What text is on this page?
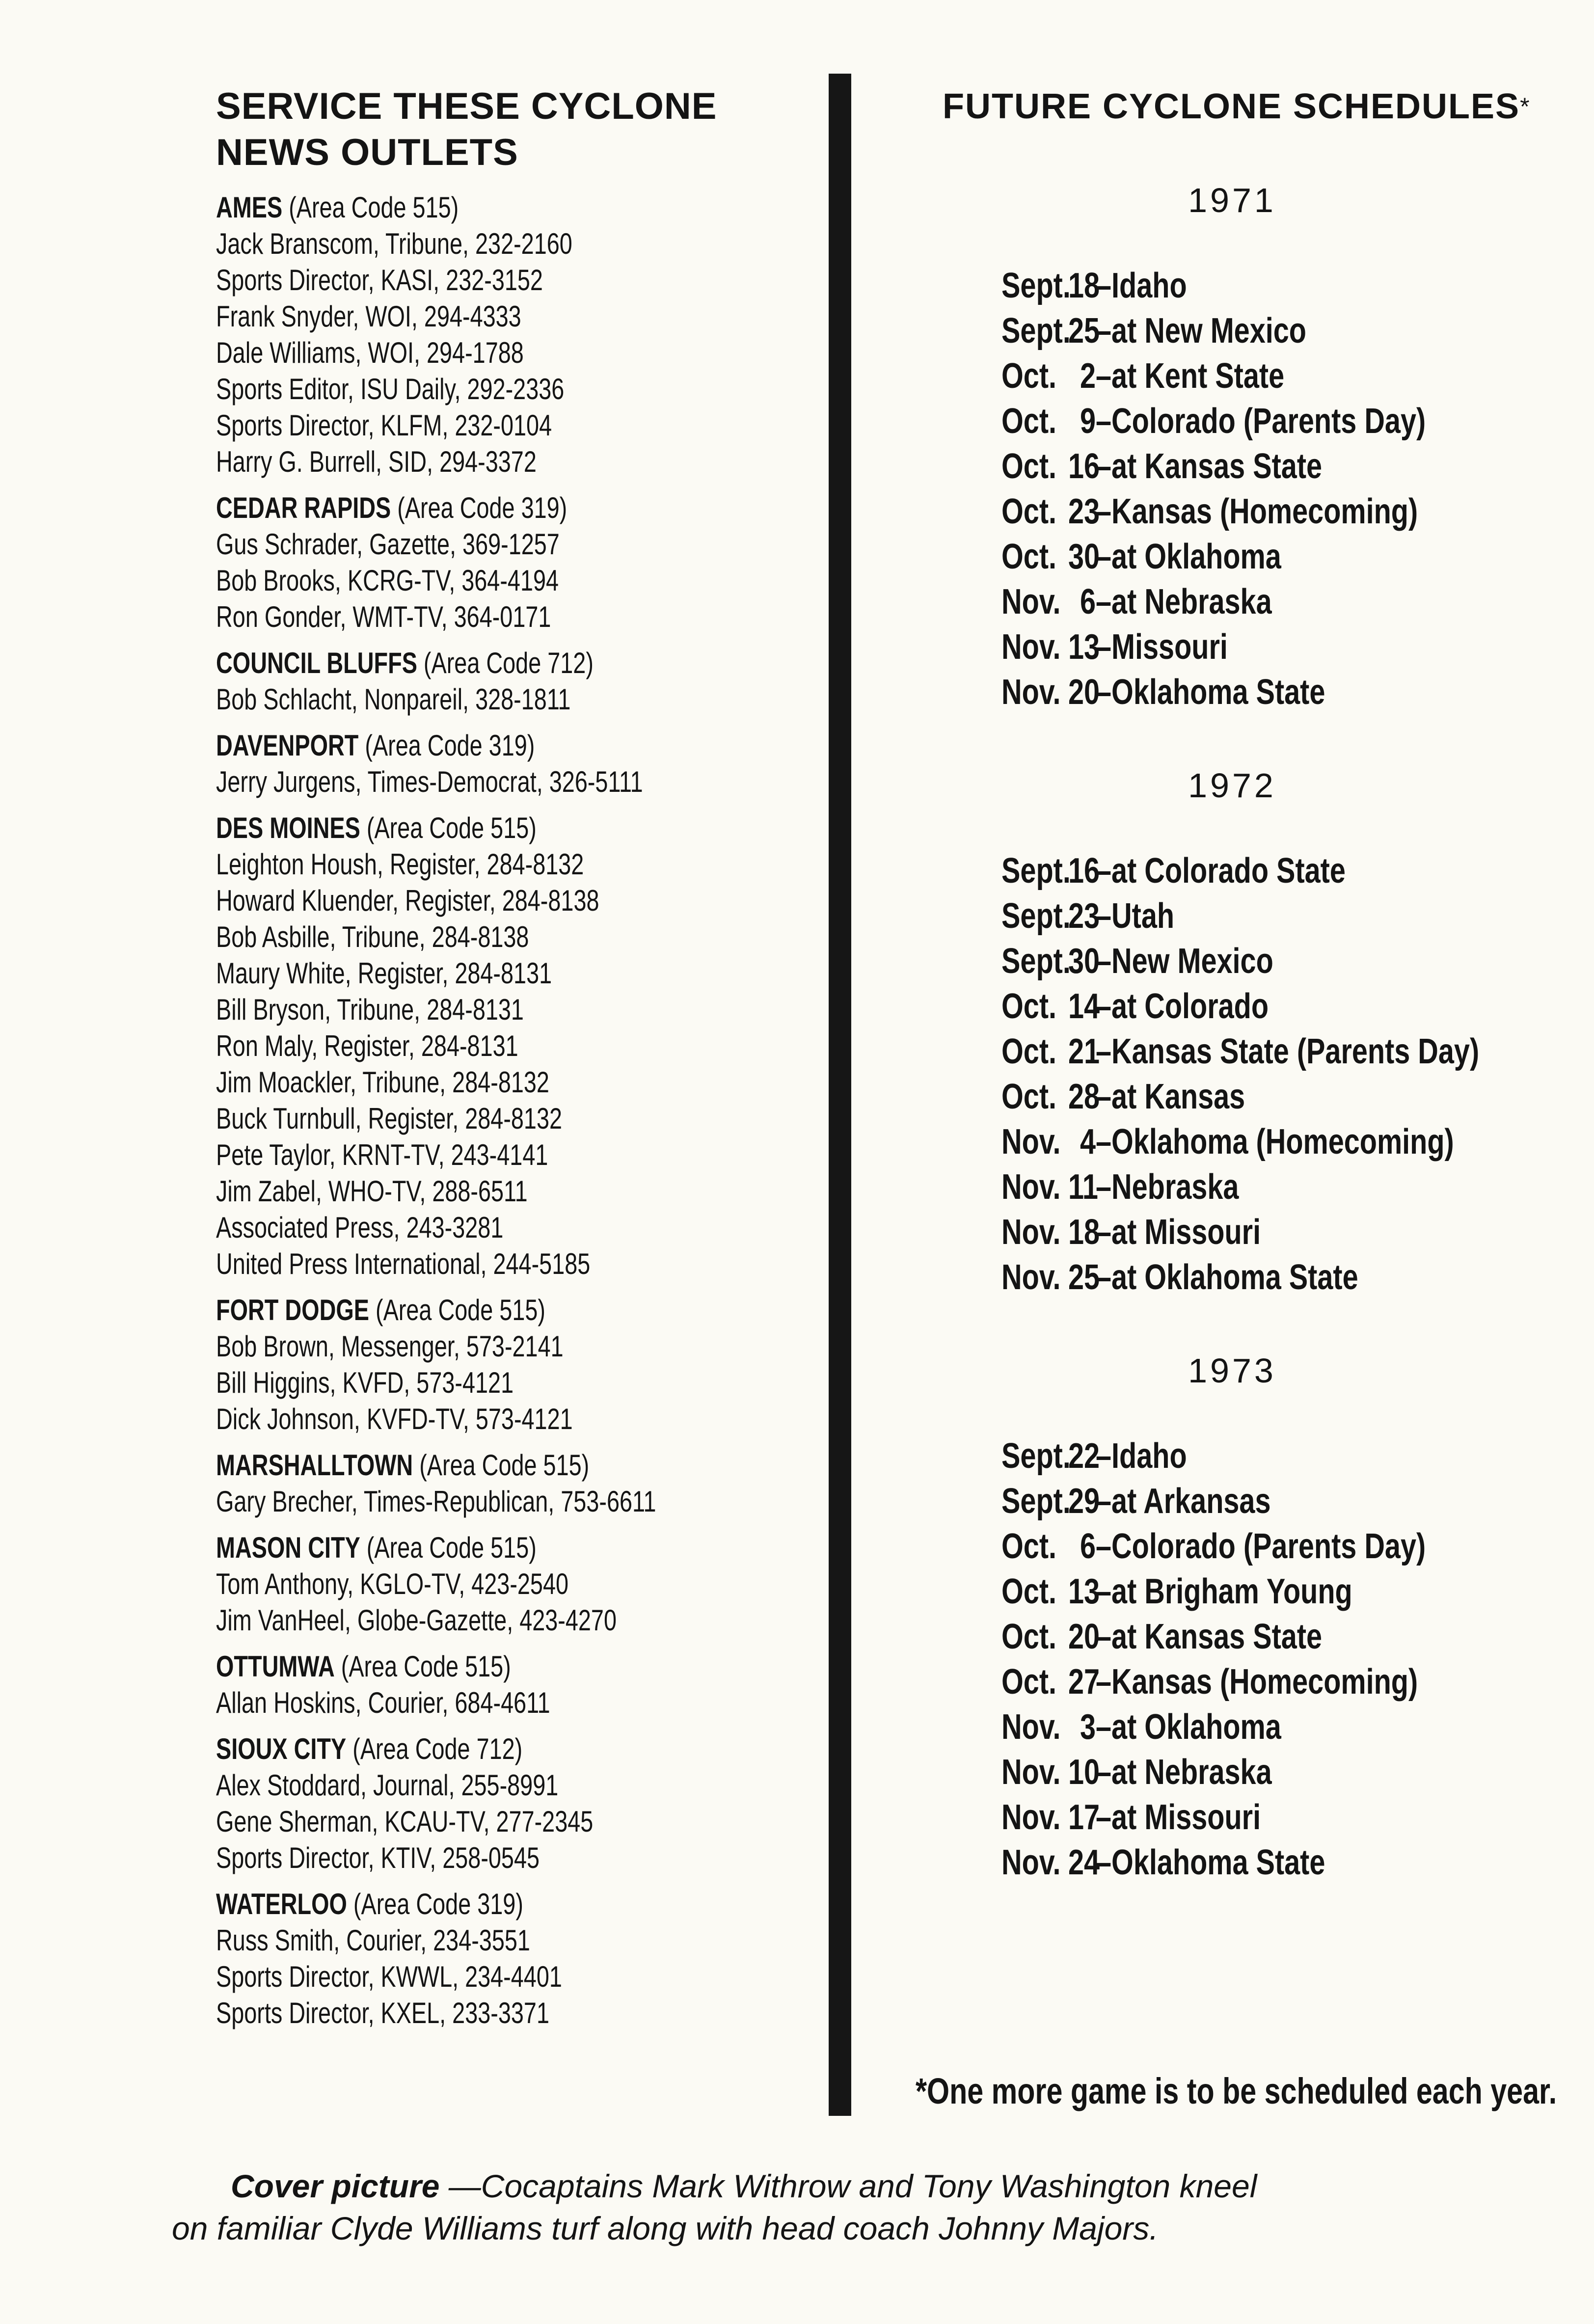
SERVICE THESE CYCLONE
NEWS OUTLETS
AMES (Area Code 515)
Jack Branscom, Tribune, 232-2160
Sports Director, KASI, 232-3152
Frank Snyder, WOI, 294-4333
Dale Williams, WOI, 294-1788
Sports Editor, ISU Daily, 292-2336
Sports Director, KLFM, 232-0104
Harry G. Burrell, SID, 294-3372
CEDAR RAPIDS (Area Code 319)
Gus Schrader, Gazette, 369-1257
Bob Brooks, KCRG-TV, 364-4194
Ron Gonder, WMT-TV, 364-0171
COUNCIL BLUFFS (Area Code 712)
Bob Schlacht, Nonpareil, 328-1811
DAVENPORT (Area Code 319)
Jerry Jurgens, Times-Democrat, 326-5111
DES MOINES (Area Code 515)
Leighton Housh, Register, 284-8132
Howard Kluender, Register, 284-8138
Bob Asbille, Tribune, 284-8138
Maury White, Register, 284-8131
Bill Bryson, Tribune, 284-8131
Ron Maly, Register, 284-8131
Jim Moackler, Tribune, 284-8132
Buck Turnbull, Register, 284-8132
Pete Taylor, KRNT-TV, 243-4141
Jim Zabel, WHO-TV, 288-6511
Associated Press, 243-3281
United Press International, 244-5185
FORT DODGE (Area Code 515)
Bob Brown, Messenger, 573-2141
Bill Higgins, KVFD, 573-4121
Dick Johnson, KVFD-TV, 573-4121
MARSHALLTOWN (Area Code 515)
Gary Brecher, Times-Republican, 753-6611
MASON CITY (Area Code 515)
Tom Anthony, KGLO-TV, 423-2540
Jim VanHeel, Globe-Gazette, 423-4270
OTTUMWA (Area Code 515)
Allan Hoskins, Courier, 684-4611
SIOUX CITY (Area Code 712)
Alex Stoddard, Journal, 255-8991
Gene Sherman, KCAU-TV, 277-2345
Sports Director, KTIV, 258-0545
WATERLOO (Area Code 319)
Russ Smith, Courier, 234-3551
Sports Director, KWWL, 234-4401
Sports Director, KXEL, 233-3371
FUTURE CYCLONE SCHEDULES*
1971
Sept.18–Idaho
Sept.25–at New Mexico
Oct. 2–at Kent State
Oct. 9–Colorado (Parents Day)
Oct. 16–at Kansas State
Oct. 23–Kansas (Homecoming)
Oct. 30–at Oklahoma
Nov. 6–at Nebraska
Nov. 13–Missouri
Nov. 20–Oklahoma State
1972
Sept.16–at Colorado State
Sept.23–Utah
Sept.30–New Mexico
Oct. 14–at Colorado
Oct. 21–Kansas State (Parents Day)
Oct. 28–at Kansas
Nov. 4–Oklahoma (Homecoming)
Nov. 11–Nebraska
Nov. 18–at Missouri
Nov. 25–at Oklahoma State
1973
Sept.22–Idaho
Sept.29–at Arkansas
Oct. 6–Colorado (Parents Day)
Oct. 13–at Brigham Young
Oct. 20–at Kansas State
Oct. 27–Kansas (Homecoming)
Nov. 3–at Oklahoma
Nov. 10–at Nebraska
Nov. 17–at Missouri
Nov. 24–Oklahoma State
*One more game is to be scheduled each year.
Cover picture —Cocaptains Mark Withrow and Tony Washington kneel
on familiar Clyde Williams turf along with head coach Johnny Majors.
